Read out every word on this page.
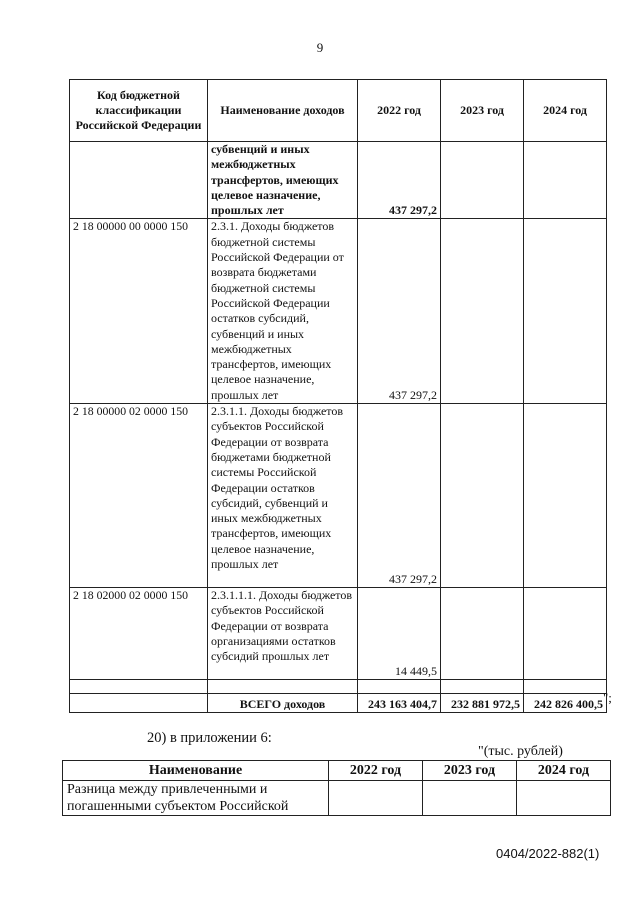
9
Код бюджетной классификации Российской Федерации	Наименование доходов	2022 год	2023 год	2024 год
	субвенций и иных межбюджетных трансфертов, имеющих целевое назначение, прошлых лет	437 297,2		
2 18 00000 00 0000 150	2.3.1. Доходы бюджетов бюджетной системы Российской Федерации от возврата бюджетами бюджетной системы Российской Федерации остатков субсидий, субвенций и иных межбюджетных трансфертов, имеющих целевое назначение, прошлых лет	437 297,2		
2 18 00000 02 0000 150	2.3.1.1. Доходы бюджетов субъектов Российской Федерации от возврата бюджетами бюджетной системы Российской Федерации остатков субсидий, субвенций и иных межбюджетных трансфертов, имеющих целевое назначение, прошлых лет	437 297,2		
2 18 02000 02 0000 150	2.3.1.1.1. Доходы бюджетов субъектов Российской Федерации от возврата организациями остатков субсидий прошлых лет	14 449,5		

	ВСЕГО доходов	243 163 404,7	232 881 972,5	242 826 400,5 ";
20) в приложении 6:
"(тыс. рублей)
Наименование	2022 год	2023 год	2024 год
Разница между привлеченными и погашенными субъектом Российской			
0404/2022-882(1)
